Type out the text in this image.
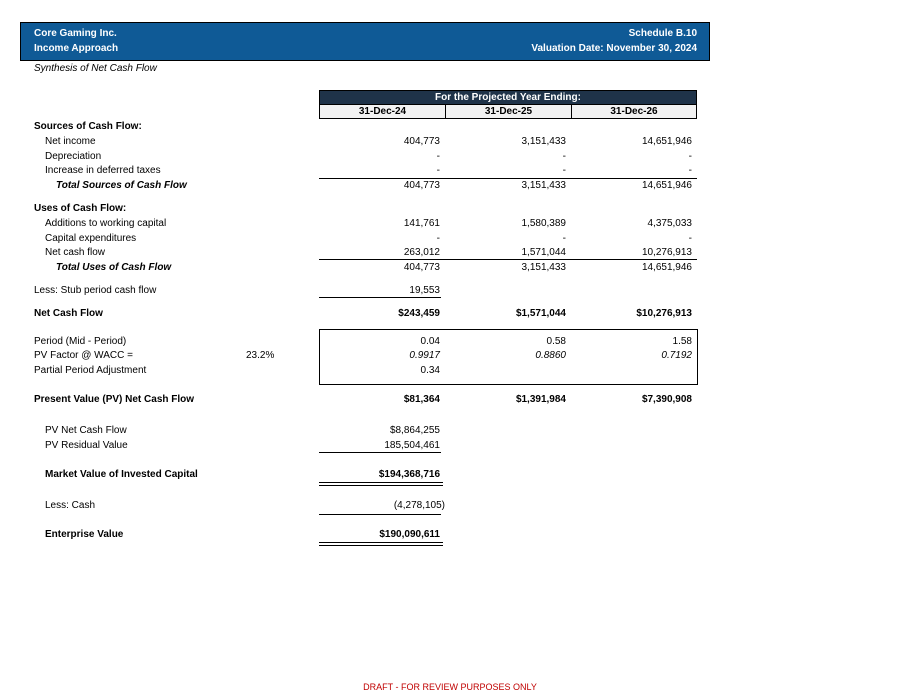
Core Gaming Inc.
Income Approach
Schedule B.10
Valuation Date: November 30, 2024
Synthesis of Net Cash Flow
For the Projected Year Ending:
31-Dec-24	31-Dec-25	31-Dec-26
Sources of Cash Flow:
Net income	404,773	3,151,433	14,651,946
Depreciation	-	-	-
Increase in deferred taxes	-	-	-
Total Sources of Cash Flow	404,773	3,151,433	14,651,946
Uses of Cash Flow:
Additions to working capital	141,761	1,580,389	4,375,033
Capital expenditures	-	-	-
Net cash flow	263,012	1,571,044	10,276,913
Total Uses of Cash Flow	404,773	3,151,433	14,651,946
Less: Stub period cash flow	19,553
Net Cash Flow	$243,459	$1,571,044	$10,276,913
Period (Mid - Period)	0.04	0.58	1.58
PV Factor @ WACC =	23.2%	0.9917	0.8860	0.7192
Partial Period Adjustment	0.34
Present Value (PV) Net Cash Flow	$81,364	$1,391,984	$7,390,908
PV Net Cash Flow	$8,864,255
PV Residual Value	185,504,461
Market Value of Invested Capital	$194,368,716
Less: Cash	(4,278,105)
Enterprise Value	$190,090,611
DRAFT - FOR REVIEW PURPOSES ONLY
